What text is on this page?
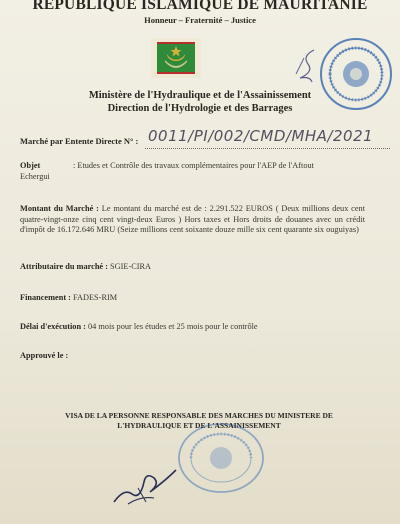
REPUBLIQUE ISLAMIQUE DE MAURITANIE
Honneur – Fraternité – Justice
Ministère de l'Hydraulique et de l'Assainissement
Direction de l'Hydrologie et des Barrages
Marché par Entente Directe N° : 0011/PI/002/CMD/MHA/2021
Objet	: Etudes et Contrôle des travaux complémentaires pour l'AEP de l'Aftout
Echergui
Montant du Marché : Le montant du marché est de : 2.291.522 EUROS ( Deux millions deux cent quatre-vingt-onze cinq cent vingt-deux Euros ) Hors taxes et Hors droits de douanes avec un crédit d'impôt de 16.172.646 MRU (Seize millions cent soixante douze mille six cent quarante six ouguiyas)
Attributaire du marché : SGIE-CIRA
Financement : FADES-RIM
Délai d'exécution : 04 mois pour les études et 25 mois pour le contrôle
Approuvé le :
VISA DE LA PERSONNE RESPONSABLE DES MARCHES DU MINISTERE DE
L'HYDRAULIQUE ET DE L'ASSAINISSEMENT
